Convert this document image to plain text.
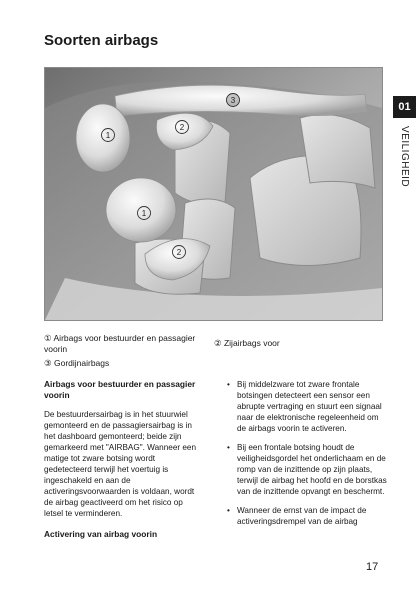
Soorten airbags
01
VEILIGHEID
3
1
2
1
2
① Airbags voor bestuurder en passagier voorin
② Zijairbags voor
③ Gordijnairbags
Airbags voor bestuurder en passagier voorin

De bestuurdersairbag is in het stuurwiel gemonteerd en de passagiersairbag is in het dashboard gemonteerd; beide zijn gemarkeerd met "AIRBAG". Wanneer een matige tot zware botsing wordt gedetecteerd terwijl het voertuig is ingeschakeld en aan de activeringsvoorwaarden is voldaan, wordt de airbag geactiveerd om het risico op letsel te verminderen.

Activering van airbag voorin
• Bij middelzware tot zware frontale botsingen detecteert een sensor een abrupte vertraging en stuurt een signaal naar de elektronische regeleenheid om de airbags voorin te activeren.
• Bij een frontale botsing houdt de veiligheidsgordel het onderlichaam en de romp van de inzittende op zijn plaats, terwijl de airbag het hoofd en de borstkas van de inzittende opvangt en beschermt.
• Wanneer de ernst van de impact de activeringsdrempel van de airbag
17
